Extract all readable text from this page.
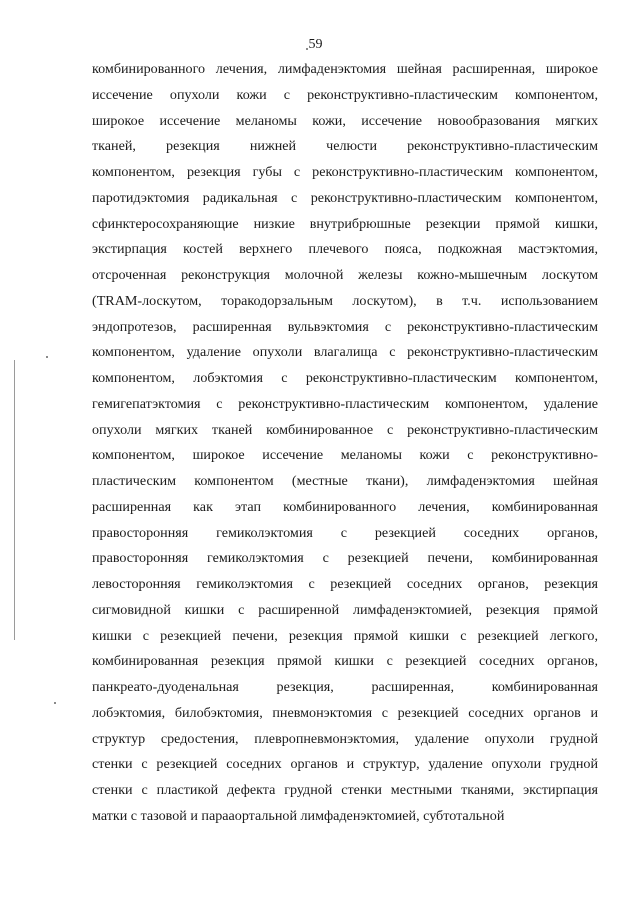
59
комбинированного лечения, лимфаденэктомия шейная расширенная, широкое
иссечение опухоли кожи с реконструктивно-пластическим компонентом,
широкое иссечение меланомы кожи, иссечение новообразования мягких
тканей, резекция нижней челюсти реконструктивно-пластическим
компонентом, резекция губы с реконструктивно-пластическим компонентом,
паротидэктомия радикальная с реконструктивно-пластическим компонентом,
сфинктеросохраняющие низкие внутрибрюшные резекции прямой кишки,
экстирпация костей верхнего плечевого пояса, подкожная мастэктомия,
отсроченная реконструкция молочной железы кожно-мышечным лоскутом
(TRAM-лоскутом, торакодорзальным лоскутом), в т.ч. использованием
эндопротезов, расширенная вульвэктомия с реконструктивно-пластическим
компонентом, удаление опухоли влагалища с реконструктивно-пластическим
компонентом, лобэктомия с реконструктивно-пластическим компонентом,
гемигепатэктомия с реконструктивно-пластическим компонентом, удаление
опухоли мягких тканей комбинированное с реконструктивно-пластическим
компонентом, широкое иссечение меланомы кожи с реконструктивно-
пластическим компонентом (местные ткани), лимфаденэктомия шейная
расширенная как этап комбинированного лечения, комбинированная
правосторонняя гемиколэктомия с резекцией соседних органов,
правосторонняя гемиколэктомия с резекцией печени, комбинированная
левосторонняя гемиколэктомия с резекцией соседних органов, резекция
сигмовидной кишки с расширенной лимфаденэктомией, резекция прямой
кишки с резекцией печени, резекция прямой кишки с резекцией легкого,
комбинированная резекция прямой кишки с резекцией соседних органов,
панкреато-дуоденальная резекция, расширенная, комбинированная
лобэктомия, билобэктомия, пневмонэктомия с резекцией соседних органов и
структур средостения, плевропневмонэктомия, удаление опухоли грудной
стенки с резекцией соседних органов и структур, удаление опухоли грудной
стенки с пластикой дефекта грудной стенки местными тканями, экстирпация
матки с тазовой и парааортальной лимфаденэктомией, субтотальной
